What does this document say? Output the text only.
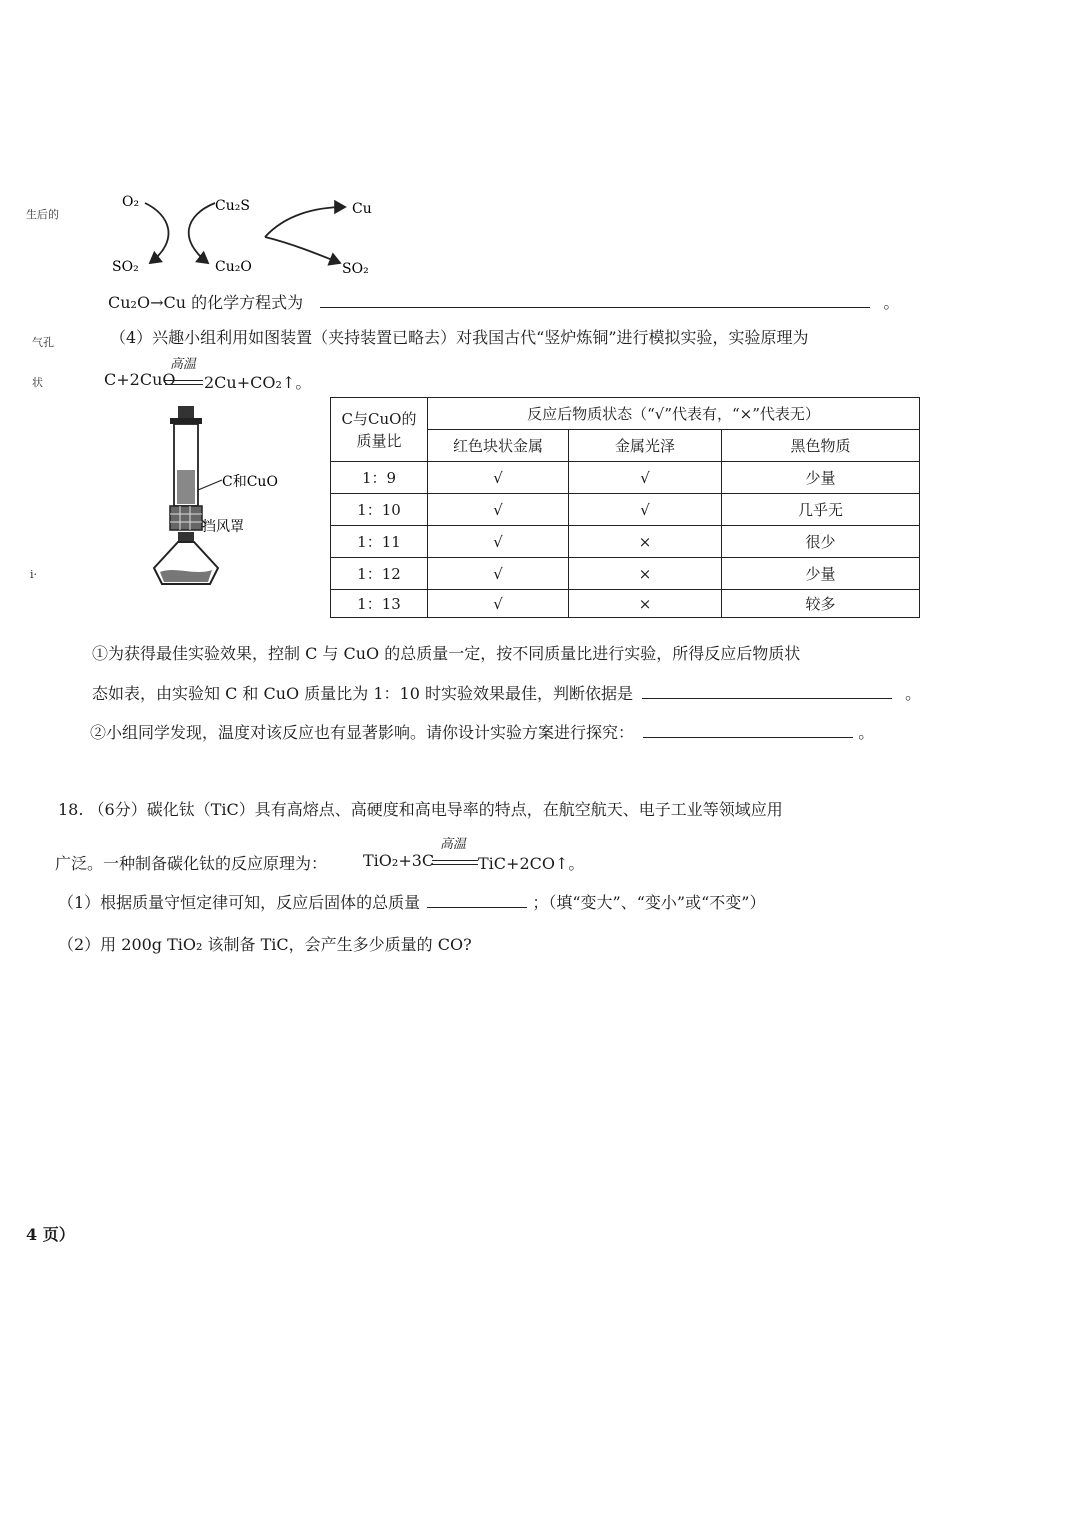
生后的
气孔
状
i·
O₂	Cu₂S	Cu
SO₂	Cu₂O	SO₂
Cu₂O→Cu 的化学方程式为	。
（4）兴趣小组利用如图装置（夹持装置已略去）对我国古代“竖炉炼铜”进行模拟实验，实验原理为
C+2CuO
高温
2Cu+CO₂↑。
C和CuO
挡风罩
C与CuO的
质量比	反应后物质状态（“√”代表有，“×”代表无）		
	红色块状金属	金属光泽	黑色物质
1：9	√	√	少量
1：10	√	√	几乎无
1：11	√	×	很少
1：12	√	×	少量
1：13	√	×	较多
①为获得最佳实验效果，控制 C 与 CuO 的总质量一定，按不同质量比进行实验，所得反应后物质状
态如表，由实验知 C 和 CuO 质量比为 1：10 时实验效果最佳，判断依据是	。
②小组同学发现，温度对该反应也有显著影响。请你设计实验方案进行探究：	。
18. （6分）碳化钛（TiC）具有高熔点、高硬度和高电导率的特点，在航空航天、电子工业等领域应用
广泛。一种制备碳化钛的反应原理为： TiO₂+3C
高温
TiC+2CO↑。
（1）根据质量守恒定律可知，反应后固体的总质量	；（填“变大”、“变小”或“不变”）
（2）用 200g TiO₂ 该制备 TiC，会产生多少质量的 CO?
4 页）
